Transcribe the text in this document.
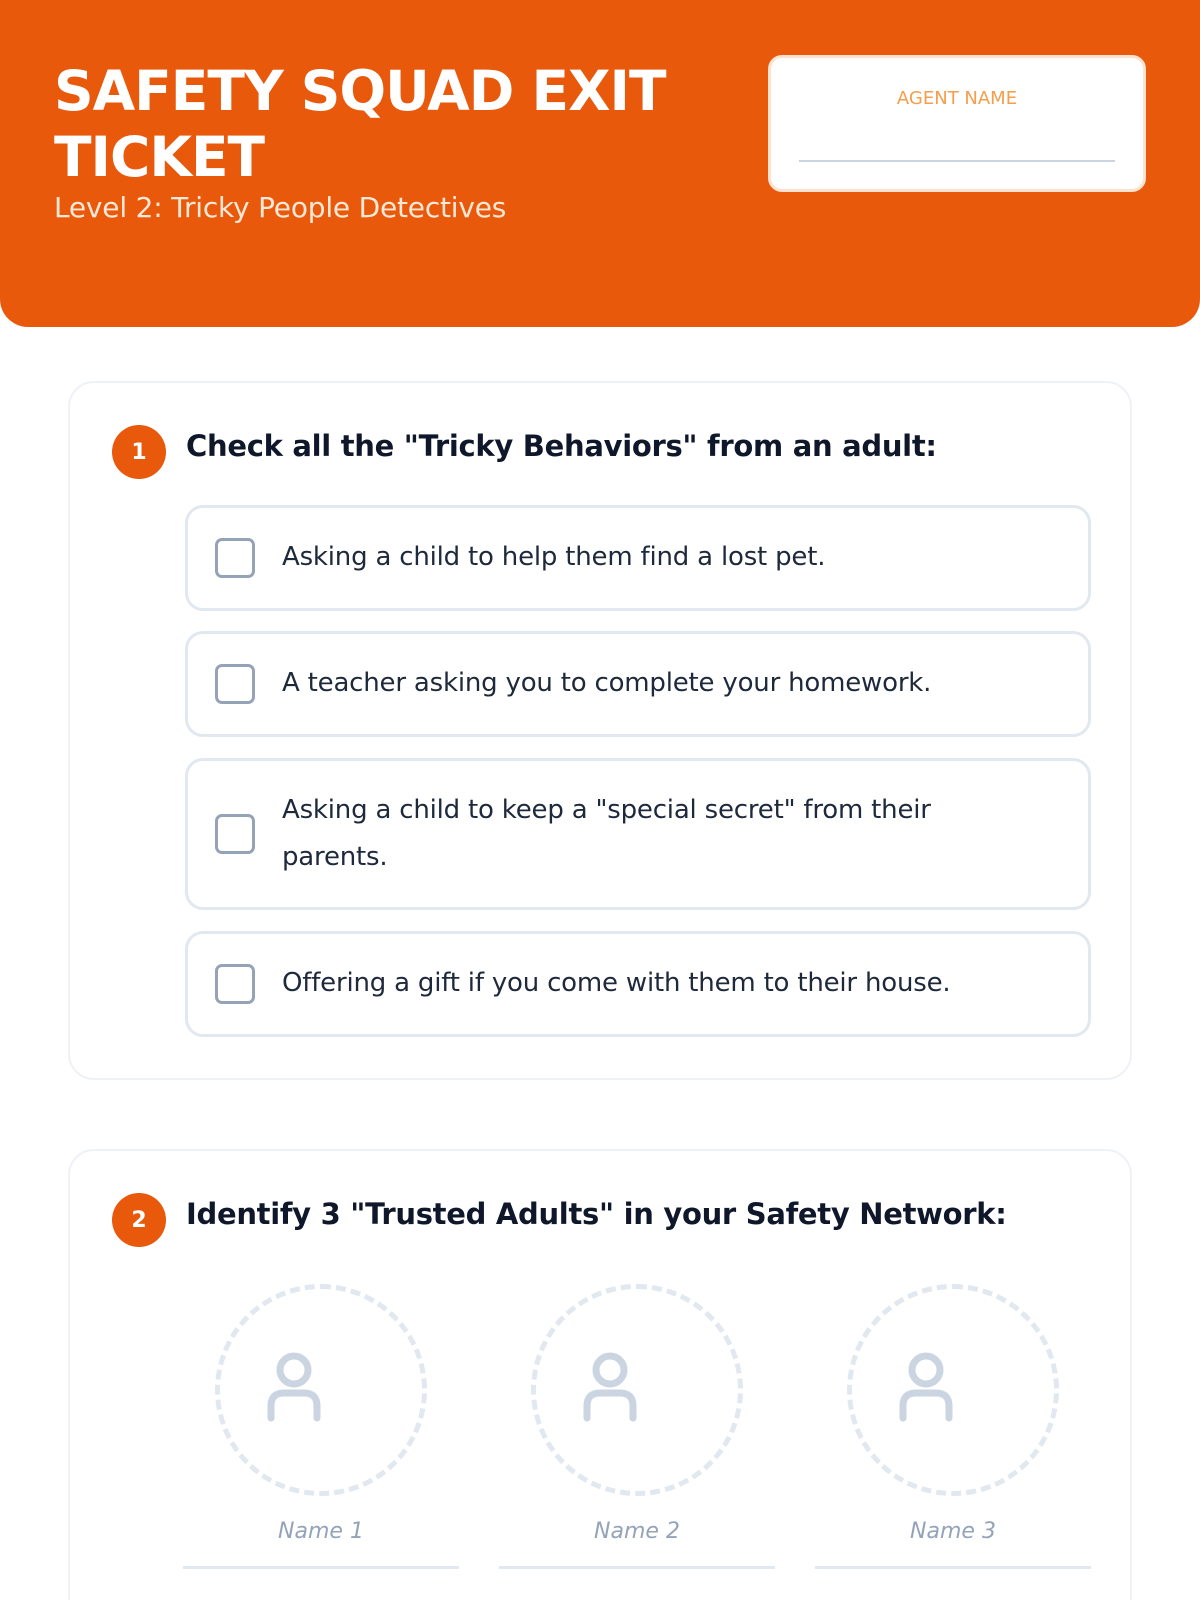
SAFETY SQUAD EXIT TICKET
Level 2: Tricky People Detectives
AGENT NAME
1	Check all the "Tricky Behaviors" from an adult:
Asking a child to help them find a lost pet.
A teacher asking you to complete your homework.
Asking a child to keep a "special secret" from their parents.
Offering a gift if you come with them to their house.
2	Identify 3 "Trusted Adults" in your Safety Network:
Name 1	Name 2	Name 3
